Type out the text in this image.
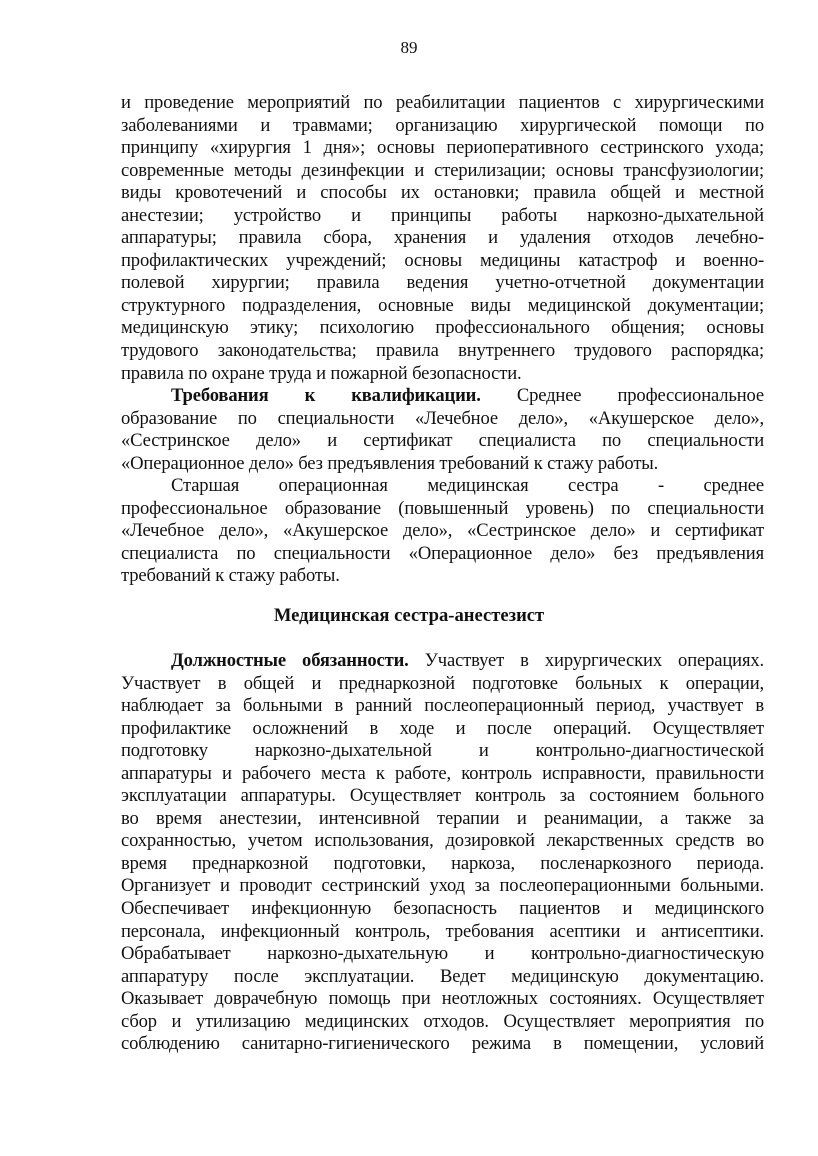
89
и проведение мероприятий по реабилитации пациентов с хирургическими
заболеваниями и травмами; организацию хирургической помощи по
принципу «хирургия 1 дня»; основы периоперативного сестринского ухода;
современные методы дезинфекции и стерилизации; основы трансфузиологии;
виды кровотечений и способы их остановки; правила общей и местной
анестезии; устройство и принципы работы наркозно-дыхательной
аппаратуры; правила сбора, хранения и удаления отходов лечебно-
профилактических учреждений; основы медицины катастроф и военно-
полевой хирургии; правила ведения учетно-отчетной документации
структурного подразделения, основные виды медицинской документации;
медицинскую этику; психологию профессионального общения; основы
трудового законодательства; правила внутреннего трудового распорядка;
правила по охране труда и пожарной безопасности.
Требования к квалификации. Среднее профессиональное
образование по специальности «Лечебное дело», «Акушерское дело»,
«Сестринское дело» и сертификат специалиста по специальности
«Операционное дело» без предъявления требований к стажу работы.
Старшая операционная медицинская сестра - среднее
профессиональное образование (повышенный уровень) по специальности
«Лечебное дело», «Акушерское дело», «Сестринское дело» и сертификат
специалиста по специальности «Операционное дело» без предъявления
требований к стажу работы.
Медицинская сестра-анестезист
Должностные обязанности. Участвует в хирургических операциях.
Участвует в общей и преднаркозной подготовке больных к операции,
наблюдает за больными в ранний послеоперационный период, участвует в
профилактике осложнений в ходе и после операций. Осуществляет
подготовку наркозно-дыхательной и контрольно-диагностической
аппаратуры и рабочего места к работе, контроль исправности, правильности
эксплуатации аппаратуры. Осуществляет контроль за состоянием больного
во время анестезии, интенсивной терапии и реанимации, а также за
сохранностью, учетом использования, дозировкой лекарственных средств во
время преднаркозной подготовки, наркоза, посленаркозного периода.
Организует и проводит сестринский уход за послеоперационными больными.
Обеспечивает инфекционную безопасность пациентов и медицинского
персонала, инфекционный контроль, требования асептики и антисептики.
Обрабатывает наркозно-дыхательную и контрольно-диагностическую
аппаратуру после эксплуатации. Ведет медицинскую документацию.
Оказывает доврачебную помощь при неотложных состояниях. Осуществляет
сбор и утилизацию медицинских отходов. Осуществляет мероприятия по
соблюдению санитарно-гигиенического режима в помещении, условий
